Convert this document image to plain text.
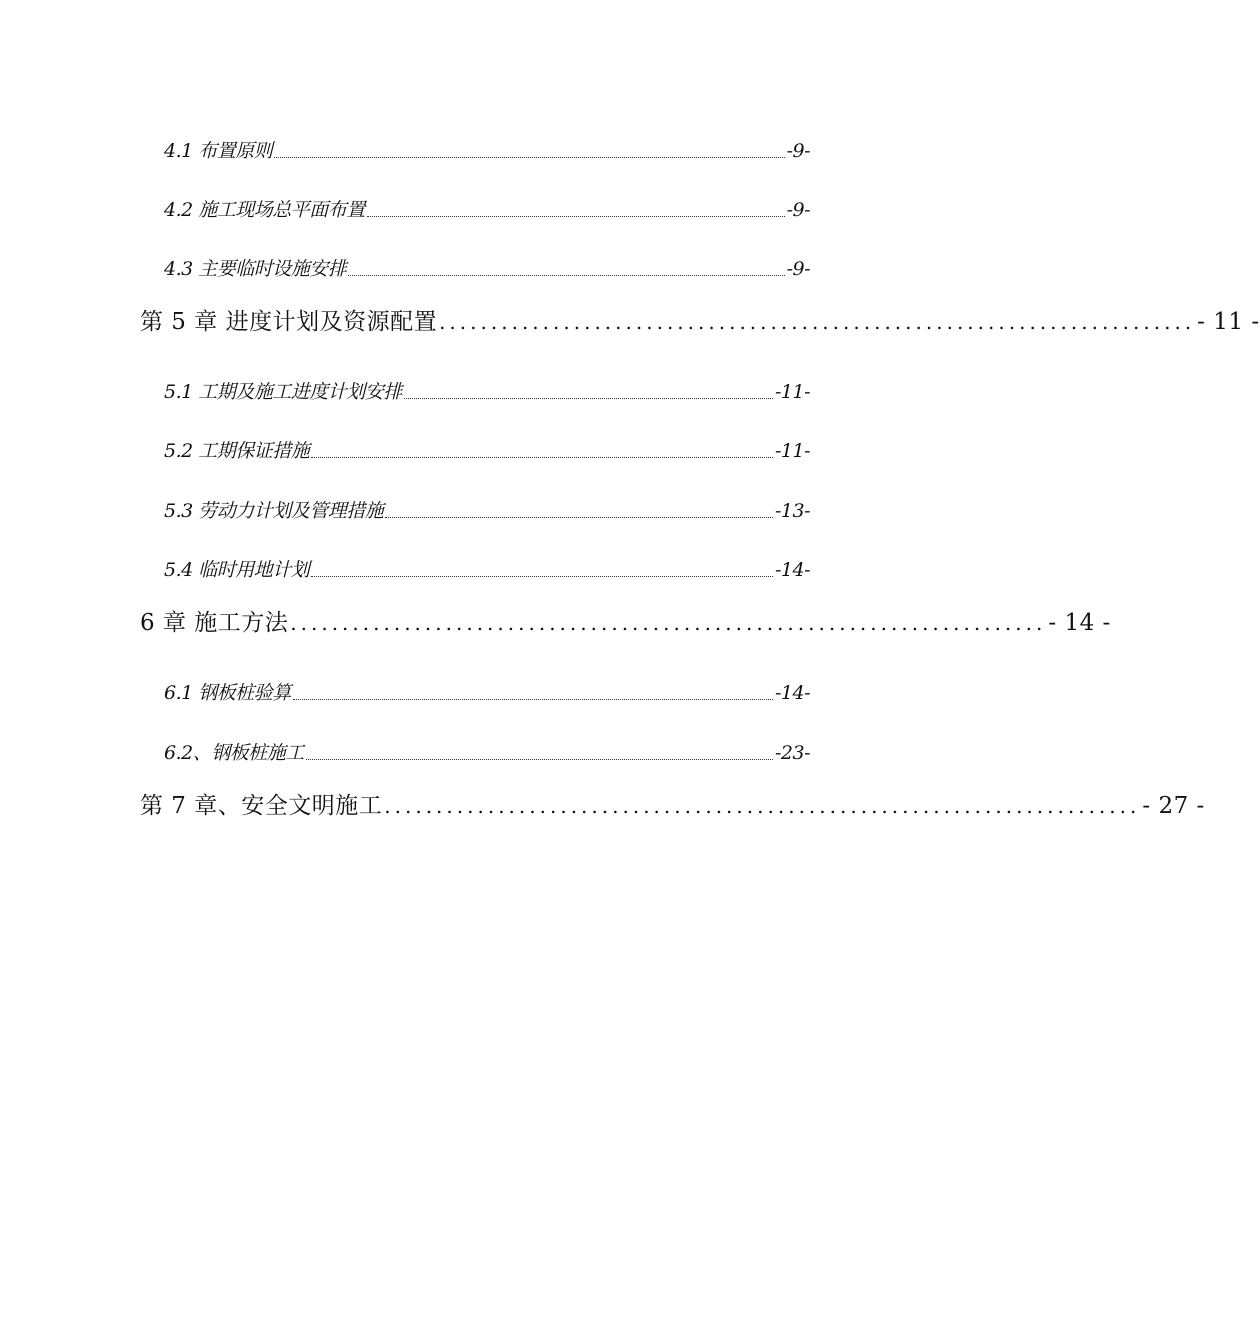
4.1 布置原则	-9-
4.2 施工现场总平面布置	-9-
4.3 主要临时设施安排	-9-
第 5 章 进度计划及资源配置 ......................................................................... - 11 -
5.1 工期及施工进度计划安排	-11-
5.2 工期保证措施	-11-
5.3 劳动力计划及管理措施	-13-
5.4 临时用地计划	-14-
6 章 施工方法 ......................................................................... - 14 -
6.1 钢板桩验算	-14-
6.2、钢板桩施工	-23-
第 7 章、安全文明施工 ......................................................................... - 27 -
